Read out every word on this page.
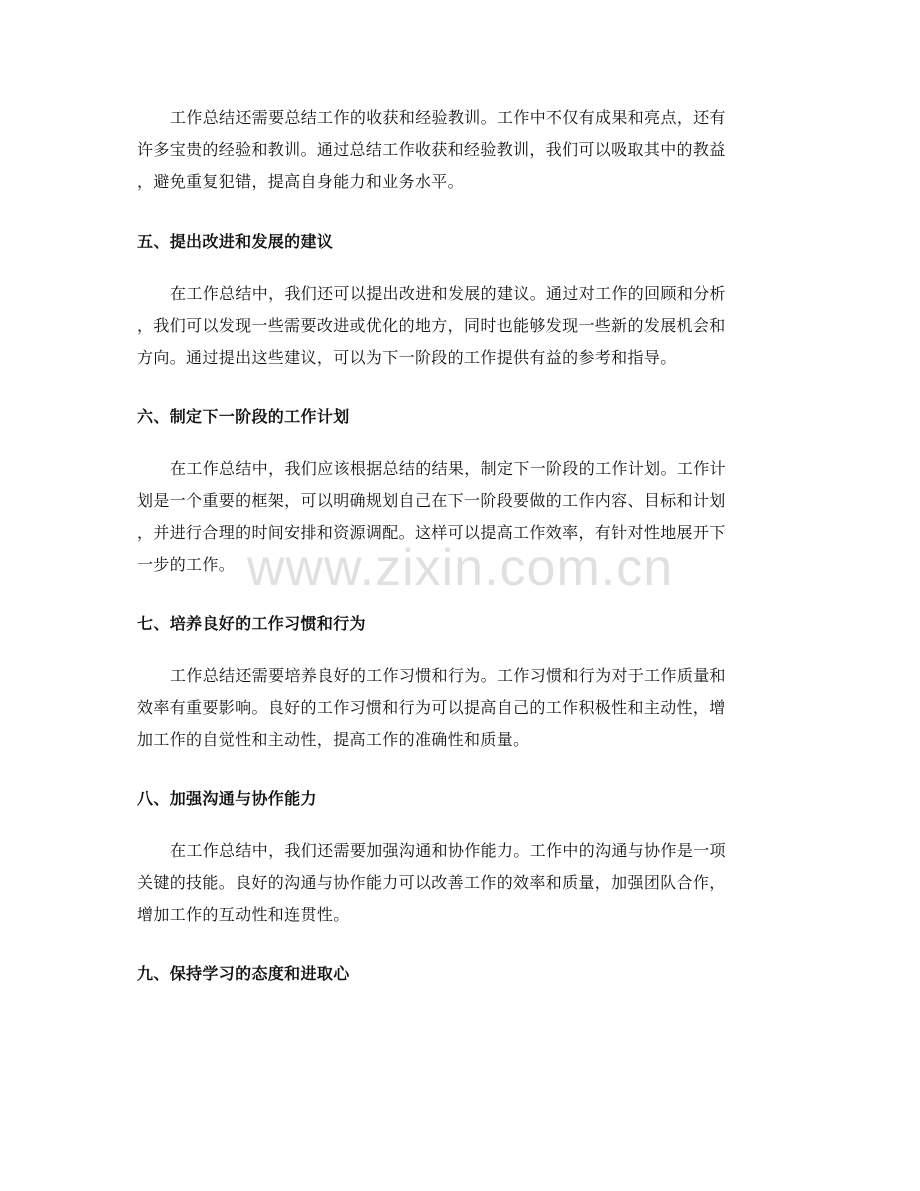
工作总结还需要总结工作的收获和经验教训。工作中不仅有成果和亮点，还有
许多宝贵的经验和教训。通过总结工作收获和经验教训，我们可以吸取其中的教益
，避免重复犯错，提高自身能力和业务水平。

五、提出改进和发展的建议

在工作总结中，我们还可以提出改进和发展的建议。通过对工作的回顾和分析
，我们可以发现一些需要改进或优化的地方，同时也能够发现一些新的发展机会和
方向。通过提出这些建议，可以为下一阶段的工作提供有益的参考和指导。

六、制定下一阶段的工作计划

在工作总结中，我们应该根据总结的结果，制定下一阶段的工作计划。工作计
划是一个重要的框架，可以明确规划自己在下一阶段要做的工作内容、目标和计划
，并进行合理的时间安排和资源调配。这样可以提高工作效率，有针对性地展开下
一步的工作。

七、培养良好的工作习惯和行为

工作总结还需要培养良好的工作习惯和行为。工作习惯和行为对于工作质量和
效率有重要影响。良好的工作习惯和行为可以提高自己的工作积极性和主动性，增
加工作的自觉性和主动性，提高工作的准确性和质量。

八、加强沟通与协作能力

在工作总结中，我们还需要加强沟通和协作能力。工作中的沟通与协作是一项
关键的技能。良好的沟通与协作能力可以改善工作的效率和质量，加强团队合作，
增加工作的互动性和连贯性。

九、保持学习的态度和进取心
www.zixin.com.cn
